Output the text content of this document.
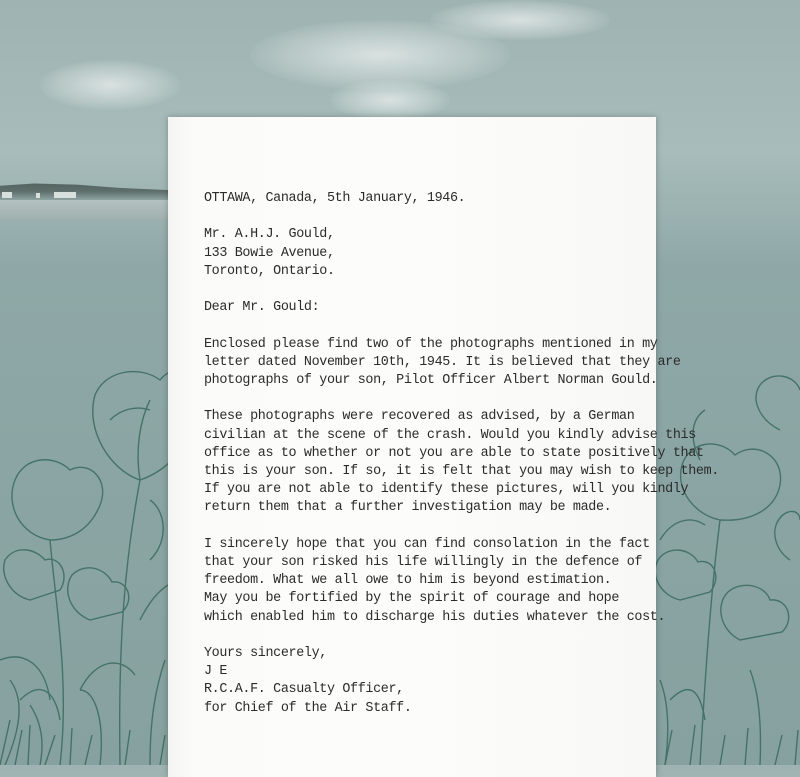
OTTAWA, Canada, 5th January, 1946.
Mr. A.H.J. Gould,
133 Bowie Avenue,
Toronto, Ontario.
Dear Mr. Gould:
Enclosed please find two of the photographs mentioned in my
letter dated November 10th, 1945. It is believed that they are
photographs of your son, Pilot Officer Albert Norman Gould.
These photographs were recovered as advised, by a German
civilian at the scene of the crash. Would you kindly advise this
office as to whether or not you are able to state positively that
this is your son. If so, it is felt that you may wish to keep them.
If you are not able to identify these pictures, will you kindly
return them that a further investigation may be made.
I sincerely hope that you can find consolation in the fact
that your son risked his life willingly in the defence of
freedom. What we all owe to him is beyond estimation.
May you be fortified by the spirit of courage and hope
which enabled him to discharge his duties whatever the cost.
Yours sincerely,
J E
R.C.A.F. Casualty Officer,
for Chief of the Air Staff.
